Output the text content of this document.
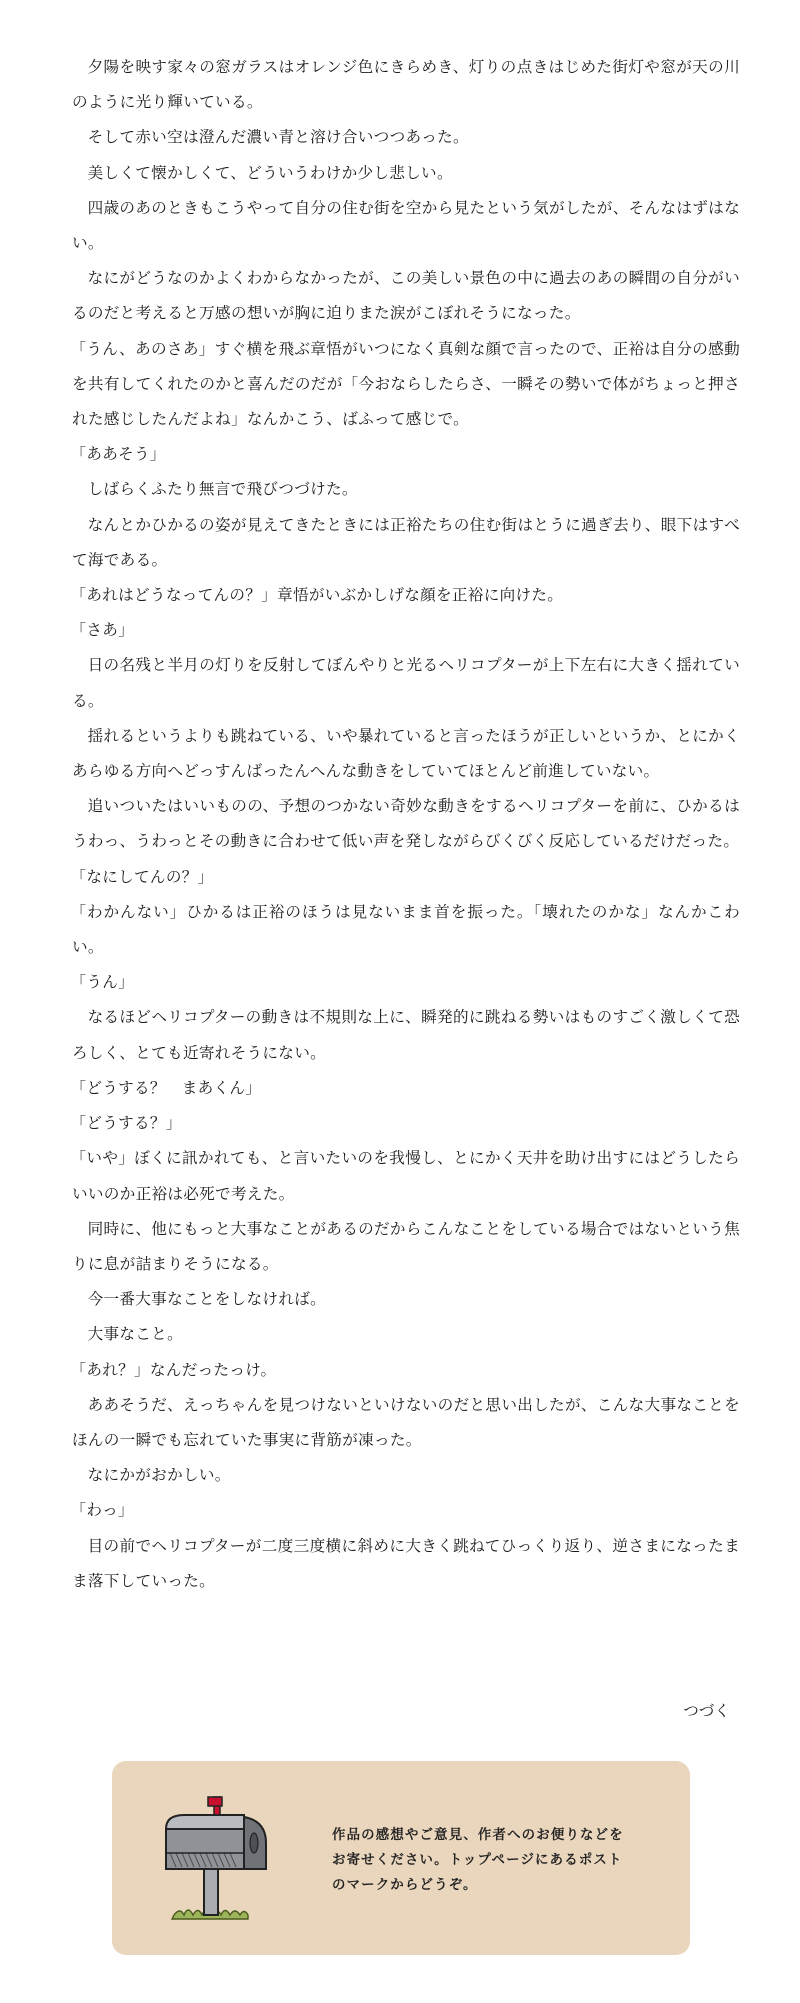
夕陽を映す家々の窓ガラスはオレンジ色にきらめき、灯りの点きはじめた街灯や窓が天の川のように光り輝いている。

そして赤い空は澄んだ濃い青と溶け合いつつあった。

美しくて懐かしくて、どういうわけか少し悲しい。

四歳のあのときもこうやって自分の住む街を空から見たという気がしたが、そんなはずはない。

なにがどうなのかよくわからなかったが、この美しい景色の中に過去のあの瞬間の自分がいるのだと考えると万感の想いが胸に迫りまた涙がこぼれそうになった。

「うん、あのさあ」すぐ横を飛ぶ章悟がいつになく真剣な顔で言ったので、正裕は自分の感動を共有してくれたのかと喜んだのだが「今おならしたらさ、一瞬その勢いで体がちょっと押された感じしたんだよね」なんかこう、ばふって感じで。

「ああそう」

しばらくふたり無言で飛びつづけた。

なんとかひかるの姿が見えてきたときには正裕たちの住む街はとうに過ぎ去り、眼下はすべて海である。

「あれはどうなってんの？」章悟がいぶかしげな顔を正裕に向けた。

「さあ」

日の名残と半月の灯りを反射してぼんやりと光るヘリコプターが上下左右に大きく揺れている。

揺れるというよりも跳ねている、いや暴れていると言ったほうが正しいというか、とにかくあらゆる方向へどっすんばったんへんな動きをしていてほとんど前進していない。

追いついたはいいものの、予想のつかない奇妙な動きをするヘリコプターを前に、ひかるはうわっ、うわっとその動きに合わせて低い声を発しながらびくびく反応しているだけだった。

「なにしてんの？」

「わかんない」ひかるは正裕のほうは見ないまま首を振った。「壊れたのかな」なんかこわい。

「うん」

なるほどヘリコプターの動きは不規則な上に、瞬発的に跳ねる勢いはものすごく激しくて恐ろしく、とても近寄れそうにない。

「どうする？　まあくん」

「どうする？」

「いや」ぼくに訊かれても、と言いたいのを我慢し、とにかく天井を助け出すにはどうしたらいいのか正裕は必死で考えた。

同時に、他にもっと大事なことがあるのだからこんなことをしている場合ではないという焦りに息が詰まりそうになる。

今一番大事なことをしなければ。

大事なこと。

「あれ？」なんだったっけ。

ああそうだ、えっちゃんを見つけないといけないのだと思い出したが、こんな大事なことをほんの一瞬でも忘れていた事実に背筋が凍った。

なにかがおかしい。

「わっ」

目の前でヘリコプターが二度三度横に斜めに大きく跳ねてひっくり返り、逆さまになったまま落下していった。

つづく
作品の感想やご意見、作者へのお便りなどを
お寄せください。トップページにあるポスト
のマークからどうぞ。
